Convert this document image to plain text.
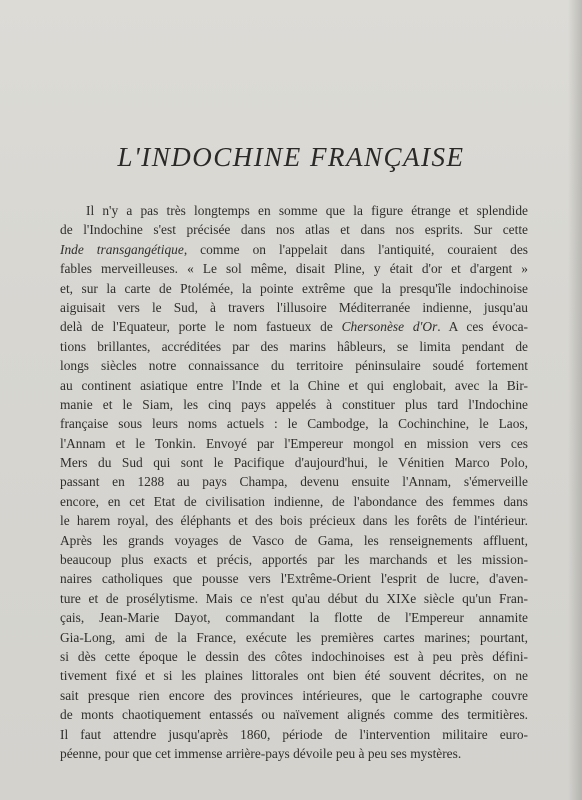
L'INDOCHINE FRANÇAISE
Il n'y a pas très longtemps en somme que la figure étrange et splendide
de l'Indochine s'est précisée dans nos atlas et dans nos esprits. Sur cette
Inde transgangétique, comme on l'appelait dans l'antiquité, couraient des
fables merveilleuses. « Le sol même, disait Pline, y était d'or et d'argent »
et, sur la carte de Ptolémée, la pointe extrême que la presqu'île indochinoise
aiguisait vers le Sud, à travers l'illusoire Méditerranée indienne, jusqu'au
delà de l'Equateur, porte le nom fastueux de Chersonèse d'Or. A ces évoca-
tions brillantes, accréditées par des marins hâbleurs, se limita pendant de
longs siècles notre connaissance du territoire péninsulaire soudé fortement
au continent asiatique entre l'Inde et la Chine et qui englobait, avec la Bir-
manie et le Siam, les cinq pays appelés à constituer plus tard l'Indochine
française sous leurs noms actuels : le Cambodge, la Cochinchine, le Laos,
l'Annam et le Tonkin. Envoyé par l'Empereur mongol en mission vers ces
Mers du Sud qui sont le Pacifique d'aujourd'hui, le Vénitien Marco Polo,
passant en 1288 au pays Champa, devenu ensuite l'Annam, s'émerveille
encore, en cet Etat de civilisation indienne, de l'abondance des femmes dans
le harem royal, des éléphants et des bois précieux dans les forêts de l'intérieur.
Après les grands voyages de Vasco de Gama, les renseignements affluent,
beaucoup plus exacts et précis, apportés par les marchands et les mission-
naires catholiques que pousse vers l'Extrême-Orient l'esprit de lucre, d'aven-
ture et de prosélytisme. Mais ce n'est qu'au début du XIXe siècle qu'un Fran-
çais, Jean-Marie Dayot, commandant la flotte de l'Empereur annamite
Gia-Long, ami de la France, exécute les premières cartes marines; pourtant,
si dès cette époque le dessin des côtes indochinoises est à peu près défini-
tivement fixé et si les plaines littorales ont bien été souvent décrites, on ne
sait presque rien encore des provinces intérieures, que le cartographe couvre
de monts chaotiquement entassés ou naïvement alignés comme des termitières.
Il faut attendre jusqu'après 1860, période de l'intervention militaire euro-
péenne, pour que cet immense arrière-pays dévoile peu à peu ses mystères.
